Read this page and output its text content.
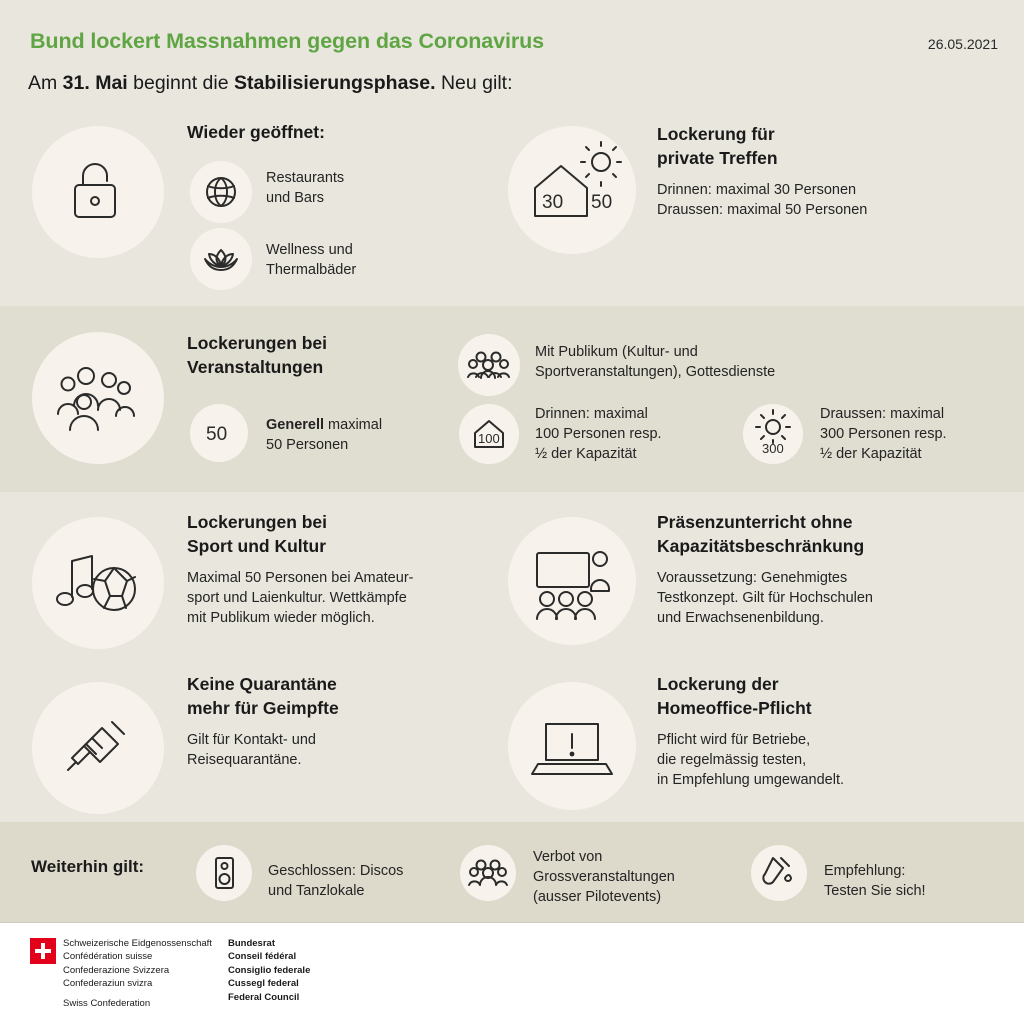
Bund lockert Massnahmen gegen das Coronavirus	26.05.2021
Am 31. Mai beginnt die Stabilisierungsphase. Neu gilt:
Wieder geöffnet:
Restaurants
und Bars
Wellness und
Thermalbäder
30 50
Lockerung für
private Treffen
Drinnen: maximal 30 Personen
Draussen: maximal 50 Personen
Lockerungen bei
Veranstaltungen
50	Generell maximal
50 Personen
Mit Publikum (Kultur- und
Sportveranstaltungen), Gottesdienste
100
Drinnen: maximal
100 Personen resp.
½ der Kapazität	300
Draussen: maximal
300 Personen resp.
½ der Kapazität
Lockerungen bei
Sport und Kultur
Maximal 50 Personen bei Amateur-
sport und Laienkultur. Wettkämpfe
mit Publikum wieder möglich.
Präsenzunterricht ohne
Kapazitätsbeschränkung
Voraussetzung: Genehmigtes
Testkonzept. Gilt für Hochschulen
und Erwachsenenbildung.
Keine Quarantäne
mehr für Geimpfte
Gilt für Kontakt- und
Reisequarantäne.
Lockerung der
Homeoffice-Pflicht
Pflicht wird für Betriebe,
die regelmässig testen,
in Empfehlung umgewandelt.
Weiterhin gilt:	Geschlossen: Discos
und Tanzlokale
Verbot von
Grossveranstaltungen
(ausser Pilotevents)
Empfehlung:
Testen Sie sich!
Schweizerische Eidgenossenschaft
Confédération suisse
Confederazione Svizzera
Confederaziun svizra
Swiss Confederation
Bundesrat
Conseil fédéral
Consiglio federale
Cussegl federal
Federal Council
